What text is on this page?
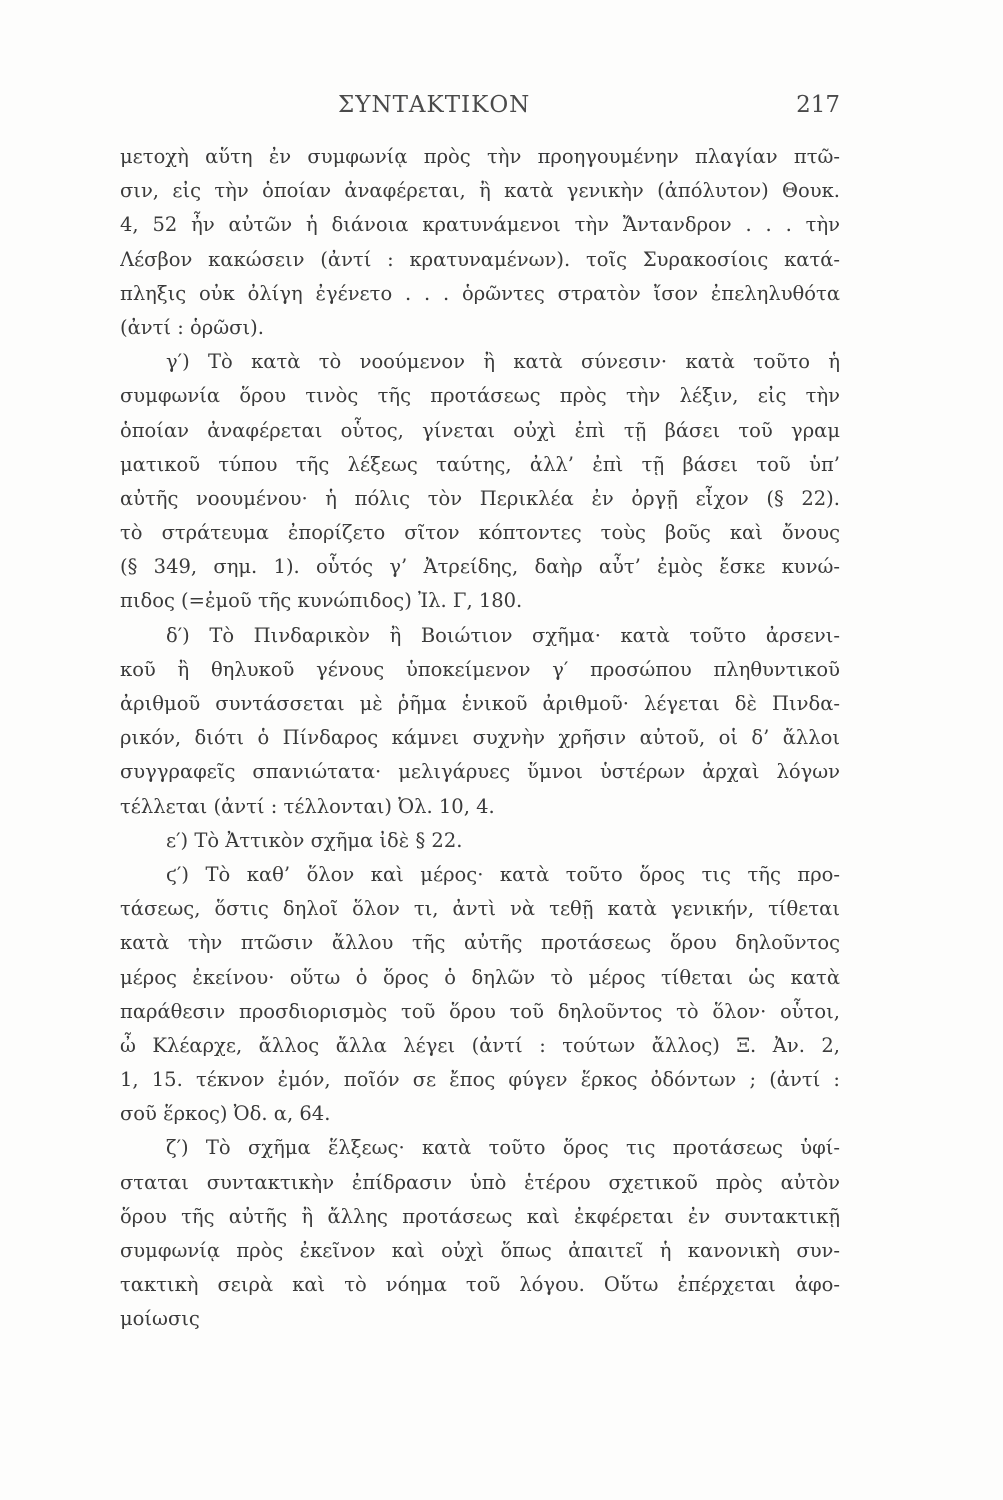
ΣΥΝΤΑΚΤΙΚΟΝ	217
μετοχὴ αὕτη ἐν συμφωνίᾳ πρὸς τὴν προηγουμένην πλαγίαν πτῶ-
σιν, εἰς τὴν ὁποίαν ἀναφέρεται, ἢ κατὰ γενικὴν (ἀπόλυτον) Θουκ.
4, 52 ἦν αὐτῶν ἡ διάνοια κρατυνάμενοι τὴν Ἄντανδρον . . . τὴν
Λέσβον κακώσειν (ἀντί : κρατυναμένων). τοῖς Συρακοσίοις κατά-
πληξις οὐκ ὀλίγη ἐγένετο . . . ὁρῶντες στρατὸν ἴσον ἐπεληλυθότα
(ἀντί : ὁρῶσι).
γ′) Τὸ κατὰ τὸ νοούμενον ἢ κατὰ σύνεσιν· κατὰ τοῦτο ἡ
συμφωνία ὅρου τινὸς τῆς προτάσεως πρὸς τὴν λέξιν, εἰς τὴν
ὁποίαν ἀναφέρεται οὗτος, γίνεται οὐχὶ ἐπὶ τῇ βάσει τοῦ γραμ
ματικοῦ τύπου τῆς λέξεως ταύτης, ἀλλ’ ἐπὶ τῇ βάσει τοῦ ὑπ’
αὐτῆς νοουμένου· ἡ πόλις τὸν Περικλέα ἐν ὀργῇ εἶχον (§ 22).
τὸ στράτευμα ἐπορίζετο σῖτον κόπτοντες τοὺς βοῦς καὶ ὄνους
(§ 349, σημ. 1). οὗτός γ’ Ἀτρείδης, δαὴρ αὖτ’ ἐμὸς ἔσκε κυνώ-
πιδος (=ἐμοῦ τῆς κυνώπιδος) Ἰλ. Γ, 180.
δ′) Τὸ Πινδαρικὸν ἢ Βοιώτιον σχῆμα· κατὰ τοῦτο ἀρσενι-
κοῦ ἢ θηλυκοῦ γένους ὑποκείμενον γ′ προσώπου πληθυντικοῦ
ἀριθμοῦ συντάσσεται μὲ ῥῆμα ἑνικοῦ ἀριθμοῦ· λέγεται δὲ Πινδα-
ρικόν, διότι ὁ Πίνδαρος κάμνει συχνὴν χρῆσιν αὐτοῦ, οἱ δ’ ἄλλοι
συγγραφεῖς σπανιώτατα· μελιγάρυες ὕμνοι ὑστέρων ἀρχαὶ λόγων
τέλλεται (ἀντί : τέλλονται) Ὀλ. 10, 4.
ε′) Τὸ Ἀττικὸν σχῆμα ἰδὲ § 22.
ϛ′) Τὸ καθ’ ὅλον καὶ μέρος· κατὰ τοῦτο ὅρος τις τῆς προ-
τάσεως, ὅστις δηλοῖ ὅλον τι, ἀντὶ νὰ τεθῇ κατὰ γενικήν, τίθεται
κατὰ τὴν πτῶσιν ἄλλου τῆς αὐτῆς προτάσεως ὅρου δηλοῦντος
μέρος ἐκείνου· οὕτω ὁ ὅρος ὁ δηλῶν τὸ μέρος τίθεται ὡς κατὰ
παράθεσιν προσδιορισμὸς τοῦ ὅρου τοῦ δηλοῦντος τὸ ὅλον· οὗτοι,
ὦ Κλέαρχε, ἄλλος ἄλλα λέγει (ἀντί : τούτων ἄλλος) Ξ. Ἀν. 2,
1, 15. τέκνον ἐμόν, ποῖόν σε ἔπος φύγεν ἕρκος ὀδόντων ; (ἀντί :
σοῦ ἕρκος) Ὀδ. α, 64.
ζ′) Τὸ σχῆμα ἕλξεως· κατὰ τοῦτο ὅρος τις προτάσεως ὑφί-
σταται συντακτικὴν ἐπίδρασιν ὑπὸ ἑτέρου σχετικοῦ πρὸς αὐτὸν
ὅρου τῆς αὐτῆς ἢ ἄλλης προτάσεως καὶ ἐκφέρεται ἐν συντακτικῇ
συμφωνίᾳ πρὸς ἐκεῖνον καὶ οὐχὶ ὅπως ἀπαιτεῖ ἡ κανονικὴ συν-
τακτικὴ σειρὰ καὶ τὸ νόημα τοῦ λόγου. Οὕτω ἐπέρχεται ἀφο-
μοίωσις
